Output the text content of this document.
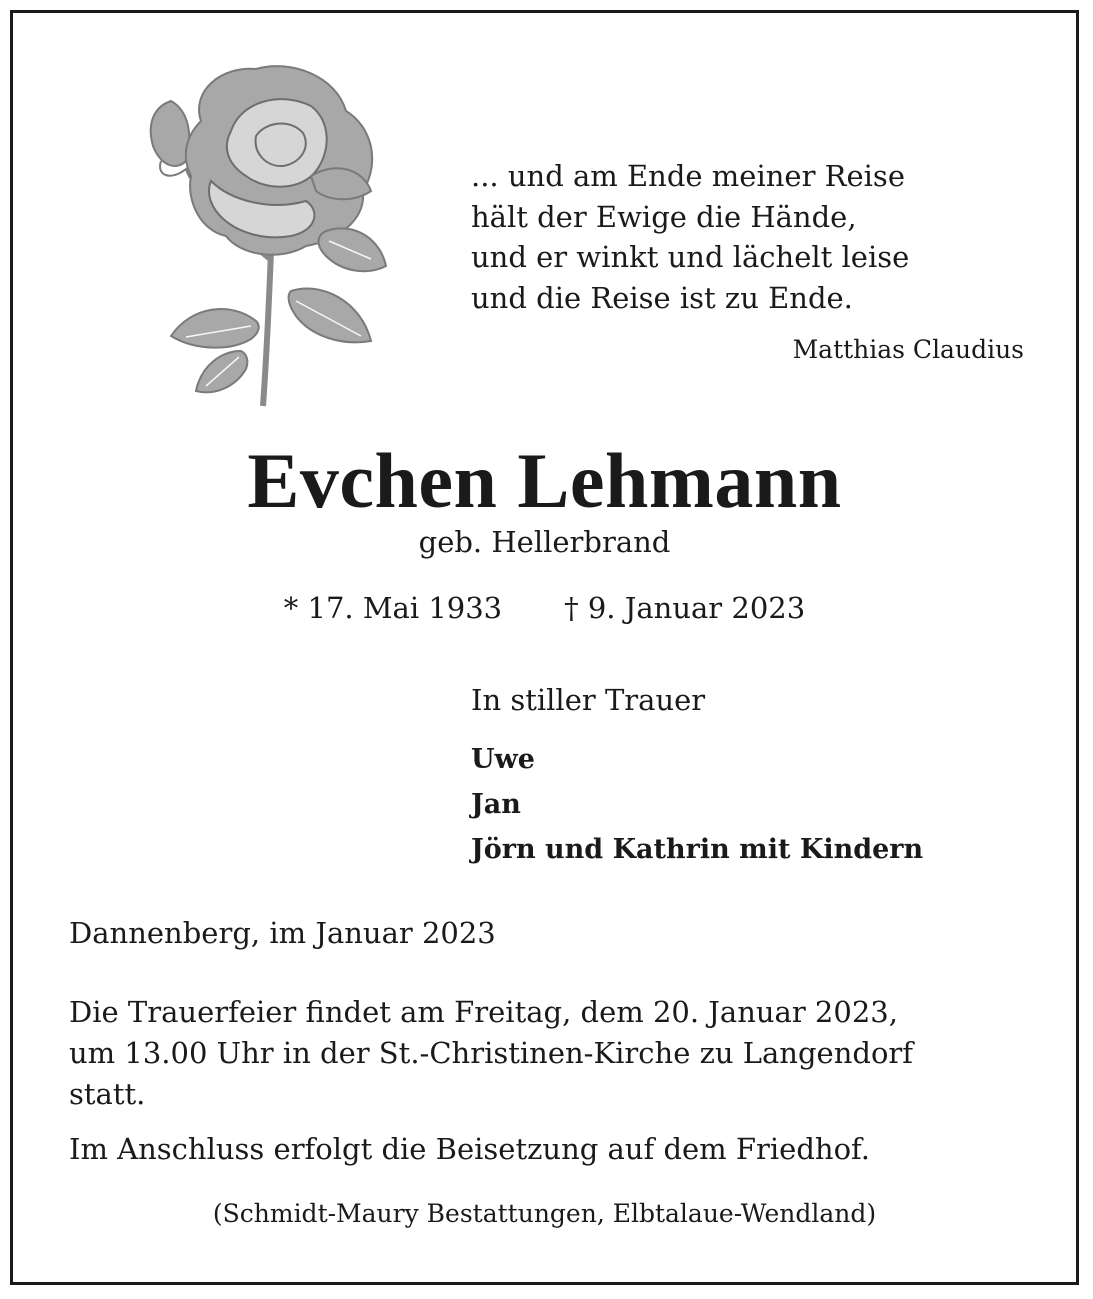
... und am Ende meiner Reise
hält der Ewige die Hände,
und er winkt und lächelt leise
und die Reise ist zu Ende.
Matthias Claudius
Evchen Lehmann
geb. Hellerbrand
* 17. Mai 1933 † 9. Januar 2023
In stiller Trauer
Uwe
Jan
Jörn und Kathrin mit Kindern
Dannenberg, im Januar 2023
Die Trauerfeier findet am Freitag, dem 20. Januar 2023,
um 13.00 Uhr in der St.-Christinen-Kirche zu Langendorf
statt.
Im Anschluss erfolgt die Beisetzung auf dem Friedhof.
(Schmidt-Maury Bestattungen, Elbtalaue-Wendland)
